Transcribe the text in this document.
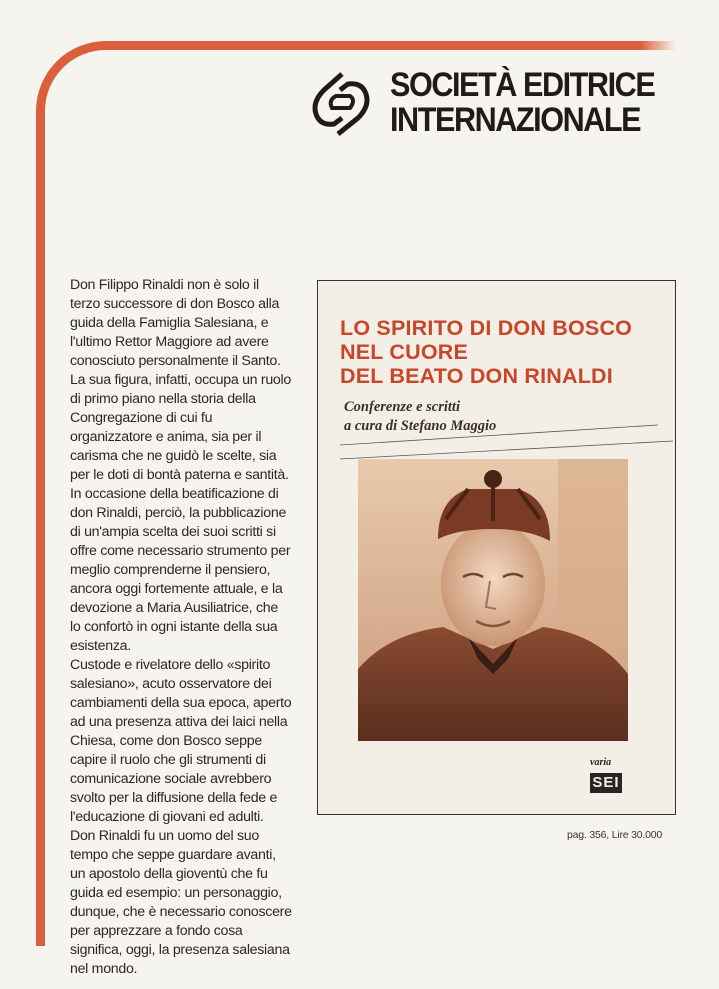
SOCIETÀ EDITRICE
INTERNAZIONALE

Don Filippo Rinaldi non è solo il terzo successore di don Bosco alla guida della Famiglia Salesiana, e l'ultimo Rettor Maggiore ad avere conosciuto personalmente il Santo. La sua figura, infatti, occupa un ruolo di primo piano nella storia della Congregazione di cui fu organizzatore e anima, sia per il carisma che ne guidò le scelte, sia per le doti di bontà paterna e santità.

In occasione della beatificazione di don Rinaldi, perciò, la pubblicazione di un'ampia scelta dei suoi scritti si offre come necessario strumento per meglio comprenderne il pensiero, ancora oggi fortemente attuale, e la devozione a Maria Ausiliatrice, che lo confortò in ogni istante della sua esistenza.

Custode e rivelatore dello «spirito salesiano», acuto osservatore dei cambiamenti della sua epoca, aperto ad una presenza attiva dei laici nella Chiesa, come don Bosco seppe capire il ruolo che gli strumenti di comunicazione sociale avrebbero svolto per la diffusione della fede e l'educazione di giovani ed adulti.

Don Rinaldi fu un uomo del suo tempo che seppe guardare avanti, un apostolo della gioventù che fu guida ed esempio: un personaggio, dunque, che è necessario conoscere per apprezzare a fondo cosa significa, oggi, la presenza salesiana nel mondo.

LO SPIRITO DI DON BOSCO
NEL CUORE
DEL BEATO DON RINALDI
Conferenze e scritti
a cura di Stefano Maggio
varia
SEI
pag. 356, Lire 30.000
